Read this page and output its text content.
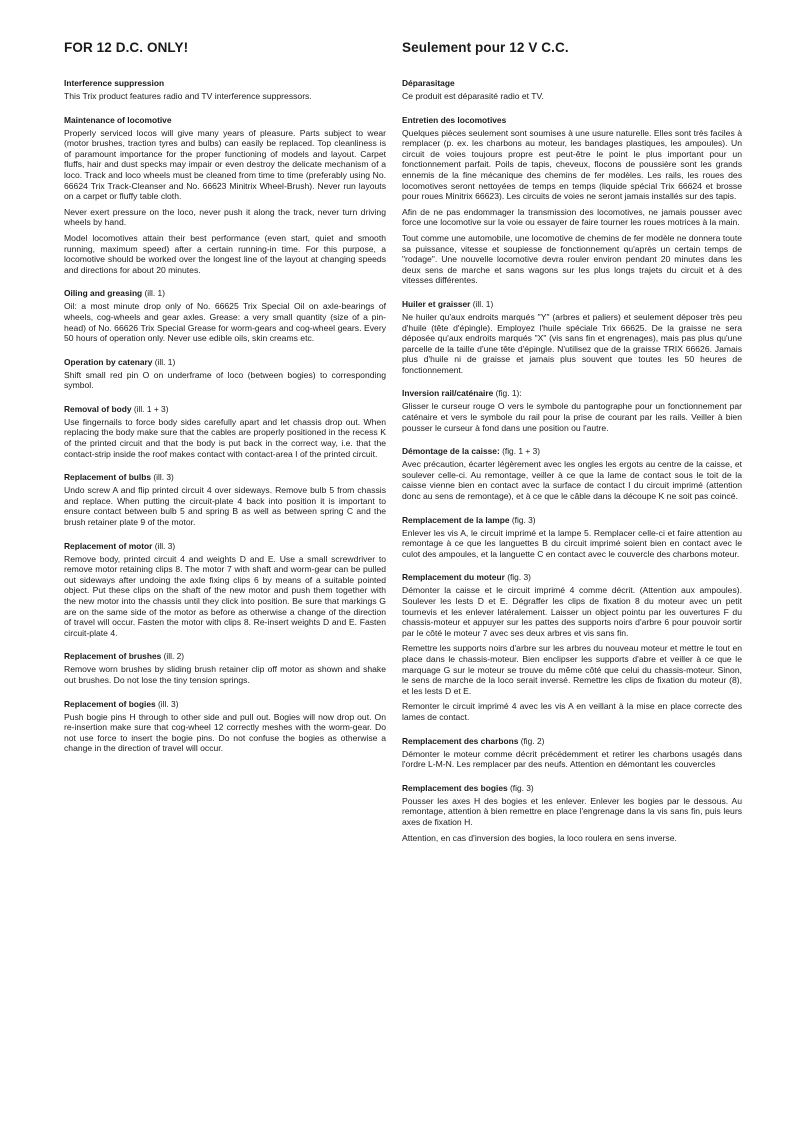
FOR 12 D.C. ONLY!
Interference suppression
This Trix product features radio and TV interference suppressors.
Maintenance of locomotive
Properly serviced locos will give many years of pleasure. Parts subject to wear (motor brushes, traction tyres and bulbs) can easily be replaced. Top cleanliness is of paramount importance for the proper functioning of models and layout. Carpet fluffs, hair and dust specks may impair or even destroy the delicate mechanism of a loco. Track and loco wheels must be cleaned from time to time (preferably using No. 66624 Trix Track-Cleanser and No. 66623 Minitrix Wheel-Brush). Never run layouts on a carpet or fluffy table cloth.
Never exert pressure on the loco, never push it along the track, never turn driving wheels by hand.
Model locomotives attain their best performance (even start, quiet and smooth running, maximum speed) after a certain running-in time. For this purpose, a locomotive should be worked over the longest line of the layout at changing speeds and directions for about 20 minutes.
Oiling and greasing (ill. 1)
Oil: a most minute drop only of No. 66625 Trix Special Oil on axle-bearings of wheels, cog-wheels and gear axles. Grease: a very small quantity (size of a pin-head) of No. 66626 Trix Special Grease for worm-gears and cog-wheel gears. Every 50 hours of operation only. Never use edible oils, skin creams etc.
Operation by catenary (ill. 1)
Shift small red pin O on underframe of loco (between bogies) to corresponding symbol.
Removal of body (ill. 1 + 3)
Use fingernails to force body sides carefully apart and let chassis drop out. When replacing the body make sure that the cables are properly positioned in the recess K of the printed circuit and that the body is put back in the correct way, i.e. that the contact-strip inside the roof makes contact with contact-area I of the printed circuit.
Replacement of bulbs (ill. 3)
Undo screw A and flip printed circuit 4 over sideways. Remove bulb 5 from chassis and replace. When putting the circuit-plate 4 back into position it is important to ensure contact between bulb 5 and spring B as well as between spring C and the brush retainer plate 9 of the motor.
Replacement of motor (ill. 3)
Remove body, printed circuit 4 and weights D and E. Use a small screwdriver to remove motor retaining clips 8. The motor 7 with shaft and worm-gear can be pulled out sideways after undoing the axle fixing clips 6 by means of a suitable pointed object. Put these clips on the shaft of the new motor and push them together with the new motor into the chassis until they click into position. Be sure that markings G are on the same side of the motor as before as otherwise a change of the direction of travel will occur. Fasten the motor with clips 8. Re-insert weights D and E. Fasten circuit-plate 4.
Replacement of brushes (ill. 2)
Remove worn brushes by sliding brush retainer clip off motor as shown and shake out brushes. Do not lose the tiny tension springs.
Replacement of bogies (ill. 3)
Push bogie pins H through to other side and pull out. Bogies will now drop out. On re-insertion make sure that cog-wheel 12 correctly meshes with the worm-gear. Do not use force to insert the bogie pins. Do not confuse the bogies as otherwise a change in the direction of travel will occur.
Seulement pour 12 V C.C.
Déparasitage
Ce produit est déparasité radio et TV.
Entretien des locomotives
Quelques pièces seulement sont soumises à une usure naturelle. Elles sont très faciles à remplacer (p. ex. les charbons au moteur, les bandages plastiques, les ampoules). Un circuit de voies toujours propre est peut-être le point le plus important pour un fonctionnement parfait. Poils de tapis, cheveux, flocons de poussière sont les grands ennemis de la fine mécanique des chemins de fer modèles. Les rails, les roues des locomotives seront nettoyées de temps en temps (liquide spécial Trix 66624 et brosse pour roues Minitrix 66623). Les circuits de voies ne seront jamais installés sur des tapis.
Afin de ne pas endommager la transmission des locomotives, ne jamais pousser avec force une locomotive sur la voie ou essayer de faire tourner les roues motrices à la main.
Tout comme une automobile, une locomotive de chemins de fer modèle ne donnera toute sa puissance, vitesse et soupiesse de fonctionnement qu'après un certain temps de "rodage". Une nouvelle locomotive devra rouler environ pendant 20 minutes dans les deux sens de marche et sans wagons sur les plus longs trajets du circuit et à des vitesses différentes.
Huiler et graisser (ill. 1)
Ne huiler qu'aux endroits marqués "Y" (arbres et paliers) et seulement déposer très peu d'huile (tête d'épingle). Employez l'huile spéciale Trix 66625. De la graisse ne sera déposée qu'aux endroits marqués "X" (vis sans fin et engrenages), mais pas plus qu'une parcelle de la taille d'une tête d'épingle. N'utilisez que de la graisse TRIX 66626. Jamais plus d'huile ni de graisse et jamais plus souvent que toutes les 50 heures de fonctionnement.
Inversion rail/caténaire (fig. 1):
Glisser le curseur rouge O vers le symbole du pantographe pour un fonctionnement par caténaire et vers le symbole du rail pour la prise de courant par les rails. Veiller à bien pousser le curseur à fond dans une position ou l'autre.
Démontage de la caisse: (fig. 1 + 3)
Avec précaution, écarter légèrement avec les ongles les ergots au centre de la caisse, et soulever celle-ci. Au remontage, veiller à ce que la lame de contact sous le toit de la caisse vienne bien en contact avec la surface de contact I du circuit imprimé (attention donc au sens de remontage), et à ce que le câble dans la découpe K ne soit pas coincé.
Remplacement de la lampe (fig. 3)
Enlever les vis A, le circuit imprimé et la lampe 5. Remplacer celle-ci et faire attention au remontage à ce que les languettes B du circuit imprimé soient bien en contact avec le culot des ampoules, et la languette C en contact avec le couvercle des charbons moteur.
Remplacement du moteur (fig. 3)
Démonter la caisse et le circuit imprimé 4 comme décrit. (Attention aux ampoules). Soulever les lests D et E. Dégraffer les clips de fixation 8 du moteur avec un petit tournevis et les enlever latéralement. Laisser un object pointu par les ouvertures F du chassis-moteur et appuyer sur les pattes des supports noirs d'arbre 6 pour pouvoir sortir par le côté le moteur 7 avec ses deux arbres et vis sans fin.
Remettre les supports noirs d'arbre sur les arbres du nouveau moteur et mettre le tout en place dans le chassis-moteur. Bien enclipser les supports d'abre et veiller à ce que le marquage G sur le moteur se trouve du même côté que celui du chassis-moteur. Sinon, le sens de marche de la loco serait inversé. Remettre les clips de fixation du moteur (8), et les lests D et E.
Remonter le circuit imprimé 4 avec les vis A en veillant à la mise en place correcte des lames de contact.
Remplacement des charbons (fig. 2)
Démonter le moteur comme décrit précédemment et retirer les charbons usagés dans l'ordre L-M-N. Les remplacer par des neufs. Attention en démontant les couvercles
Remplacement des bogies (fig. 3)
Pousser les axes H des bogies et les enlever. Enlever les bogies par le dessous. Au remontage, attention à bien remettre en place l'engrenage dans la vis sans fin, puis leurs axes de fixation H.
Attention, en cas d'inversion des bogies, la loco roulera en sens inverse.
